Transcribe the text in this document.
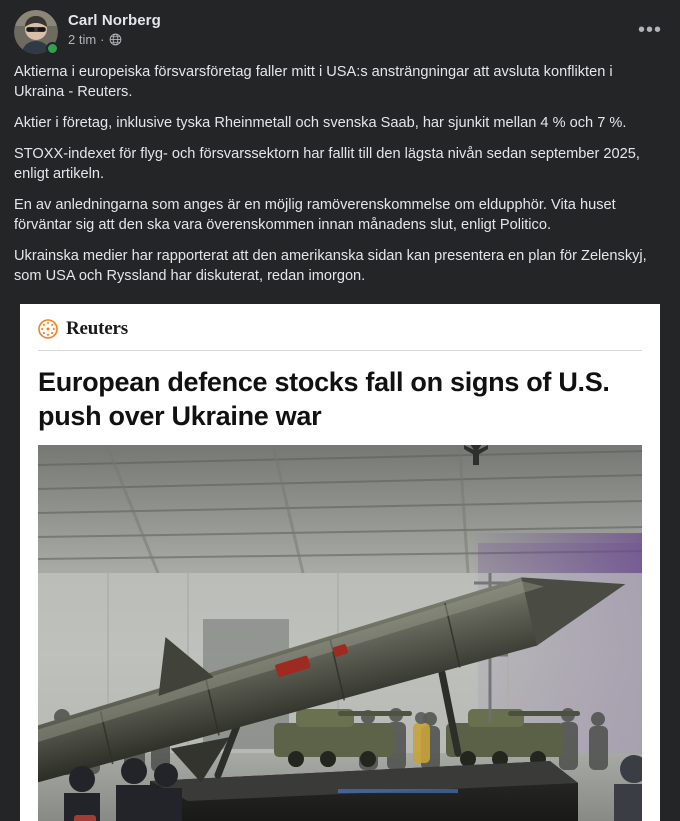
Carl Norberg
2 tim ·	•••

Aktierna i europeiska försvarsföretag faller mitt i USA:s ansträngningar att avsluta konflikten i Ukraina - Reuters.

Aktier i företag, inklusive tyska Rheinmetall och svenska Saab, har sjunkit mellan 4 % och 7 %.

STOXX-indexet för flyg- och försvarssektorn har fallit till den lägsta nivån sedan september 2025, enligt artikeln.

En av anledningarna som anges är en möjlig ramöverenskommelse om eldupphör. Vita huset förväntar sig att den ska vara överenskommen innan månadens slut, enligt Politico.

Ukrainska medier har rapporterat att den amerikanska sidan kan presentera en plan för Zelenskyj, som USA och Ryssland har diskuterat, redan imorgon.

Reuters
European defence stocks fall on signs of U.S. push over Ukraine war
